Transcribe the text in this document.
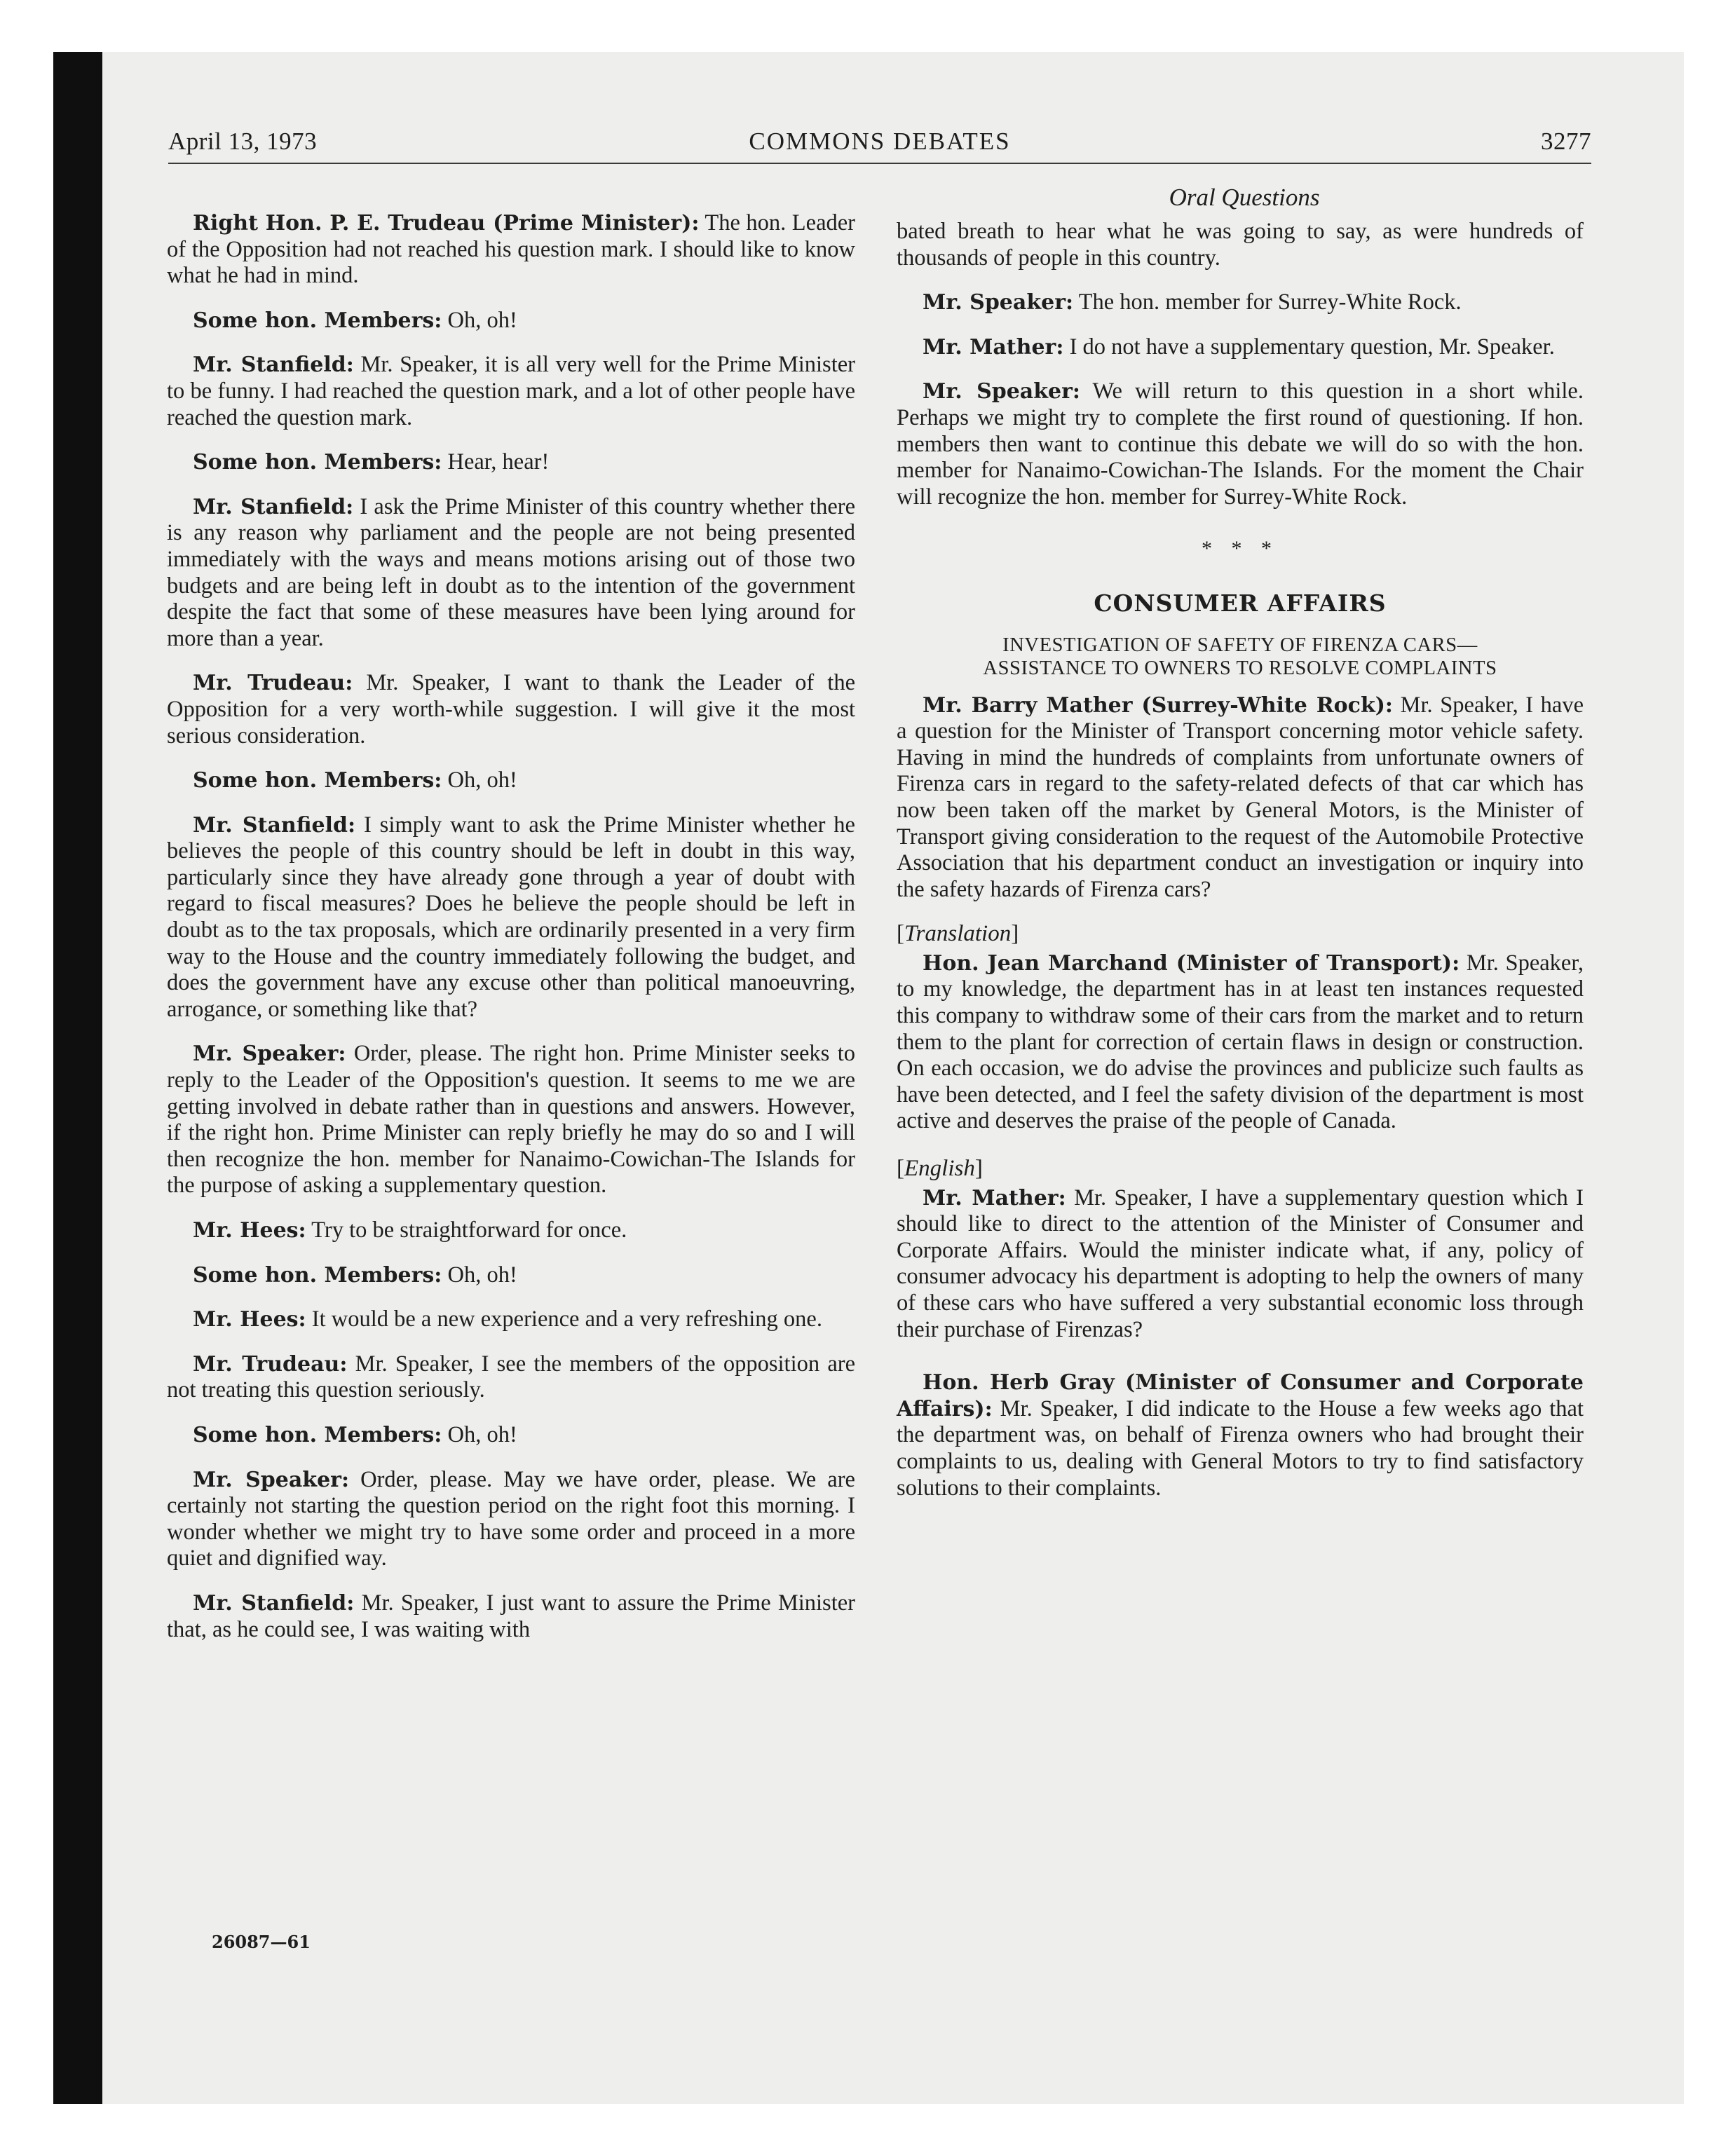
COMMONS DEBATES
April 13, 1973	3277
Oral Questions

Right Hon. P. E. Trudeau (Prime Minister): The hon. Leader of the Opposition had not reached his question mark. I should like to know what he had in mind.

Some hon. Members: Oh, oh!

Mr. Stanfield: Mr. Speaker, it is all very well for the Prime Minister to be funny. I had reached the question mark, and a lot of other people have reached the question mark.

Some hon. Members: Hear, hear!

Mr. Stanfield: I ask the Prime Minister of this country whether there is any reason why parliament and the people are not being presented immediately with the ways and means motions arising out of those two budgets and are being left in doubt as to the intention of the government despite the fact that some of these measures have been lying around for more than a year.

Mr. Trudeau: Mr. Speaker, I want to thank the Leader of the Opposition for a very worth-while suggestion. I will give it the most serious consideration.

Some hon. Members: Oh, oh!

Mr. Stanfield: I simply want to ask the Prime Minister whether he believes the people of this country should be left in doubt in this way, particularly since they have already gone through a year of doubt with regard to fiscal measures? Does he believe the people should be left in doubt as to the tax proposals, which are ordinarily presented in a very firm way to the House and the country immediately following the budget, and does the government have any excuse other than political manoeuvring, arrogance, or something like that?

Mr. Speaker: Order, please. The right hon. Prime Minister seeks to reply to the Leader of the Opposition's question. It seems to me we are getting involved in debate rather than in questions and answers. However, if the right hon. Prime Minister can reply briefly he may do so and I will then recognize the hon. member for Nanaimo-Cowichan-The Islands for the purpose of asking a supplementary question.

Mr. Hees: Try to be straightforward for once.

Some hon. Members: Oh, oh!

Mr. Hees: It would be a new experience and a very refreshing one.

Mr. Trudeau: Mr. Speaker, I see the members of the opposition are not treating this question seriously.

Some hon. Members: Oh, oh!

Mr. Speaker: Order, please. May we have order, please. We are certainly not starting the question period on the right foot this morning. I wonder whether we might try to have some order and proceed in a more quiet and dignified way.

Mr. Stanfield: Mr. Speaker, I just want to assure the Prime Minister that, as he could see, I was waiting with

bated breath to hear what he was going to say, as were hundreds of thousands of people in this country.

Mr. Speaker: The hon. member for Surrey-White Rock.

Mr. Mather: I do not have a supplementary question, Mr. Speaker.

Mr. Speaker: We will return to this question in a short while. Perhaps we might try to complete the first round of questioning. If hon. members then want to continue this debate we will do so with the hon. member for Nanaimo-Cowichan-The Islands. For the moment the Chair will recognize the hon. member for Surrey-White Rock.

* * *
CONSUMER AFFAIRS
INVESTIGATION OF SAFETY OF FIRENZA CARS—
ASSISTANCE TO OWNERS TO RESOLVE COMPLAINTS

Mr. Barry Mather (Surrey-White Rock): Mr. Speaker, I have a question for the Minister of Transport concerning motor vehicle safety. Having in mind the hundreds of complaints from unfortunate owners of Firenza cars in regard to the safety-related defects of that car which has now been taken off the market by General Motors, is the Minister of Transport giving consideration to the request of the Automobile Protective Association that his department conduct an investigation or inquiry into the safety hazards of Firenza cars?

[Translation]

Hon. Jean Marchand (Minister of Transport): Mr. Speaker, to my knowledge, the department has in at least ten instances requested this company to withdraw some of their cars from the market and to return them to the plant for correction of certain flaws in design or construction. On each occasion, we do advise the provinces and publicize such faults as have been detected, and I feel the safety division of the department is most active and deserves the praise of the people of Canada.

[English]

Mr. Mather: Mr. Speaker, I have a supplementary question which I should like to direct to the attention of the Minister of Consumer and Corporate Affairs. Would the minister indicate what, if any, policy of consumer advocacy his department is adopting to help the owners of many of these cars who have suffered a very substantial economic loss through their purchase of Firenzas?

Hon. Herb Gray (Minister of Consumer and Corporate Affairs): Mr. Speaker, I did indicate to the House a few weeks ago that the department was, on behalf of Firenza owners who had brought their complaints to us, dealing with General Motors to try to find satisfactory solutions to their complaints.

26087—61
